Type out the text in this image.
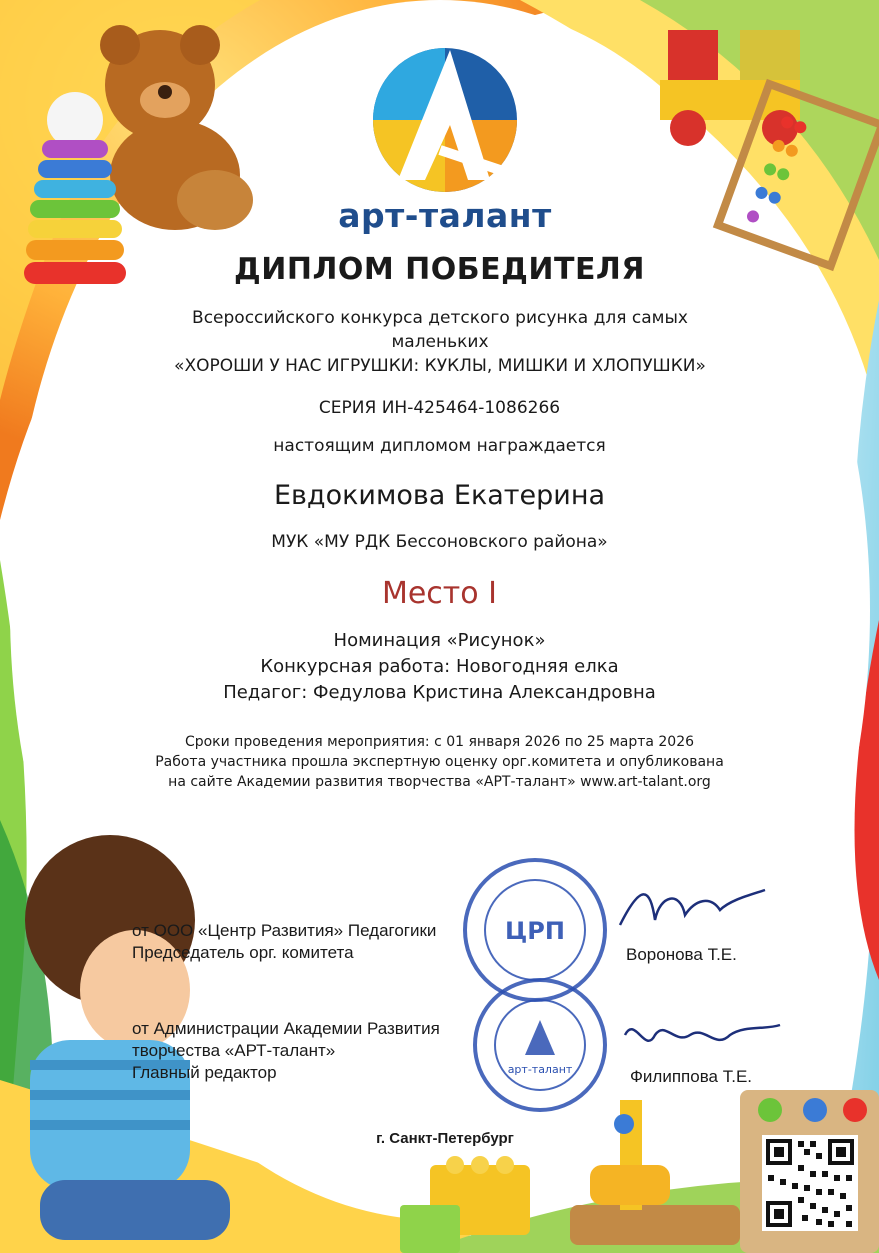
арт-талант
ДИПЛОМ ПОБЕДИТЕЛЯ
Всероссийского конкурса детского рисунка для самых маленьких
«ХОРОШИ У НАС ИГРУШКИ: КУКЛЫ, МИШКИ И ХЛОПУШКИ»
СЕРИЯ ИН-425464-1086266
настоящим дипломом награждается
Евдокимова Екатерина
МУК «МУ РДК Бессоновского района»
Место I
Номинация «Рисунок»
Конкурсная работа: Новогодняя елка
Педагог: Федулова Кристина Александровна
Сроки проведения мероприятия: с 01 января 2026 по 25 марта 2026
Работа участника прошла экспертную оценку орг.комитета и опубликована
на сайте Академии развития творчества «АРТ-талант» www.art-talant.org
ЦРП
арт-талант
от ООО «Центр Развития» Педагогики
Председатель орг. комитета	Воронова Т.Е.
от Администрации Академии Развития
творчества «АРТ-талант»
Главный редактор	Филиппова Т.Е.
г. Санкт-Петербург
